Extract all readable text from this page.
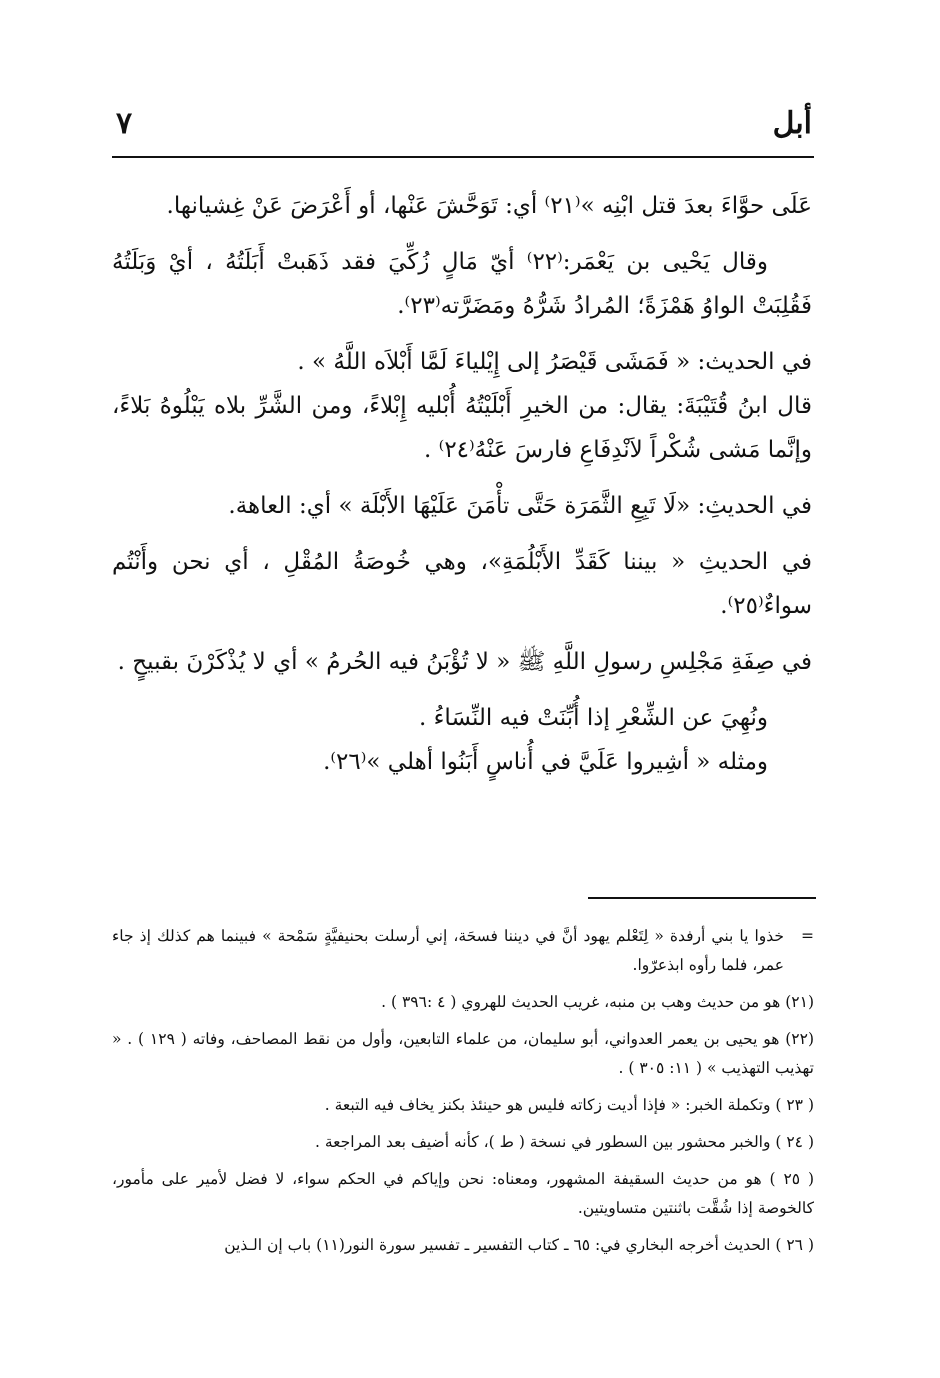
أبل
٧

عَلَى حوَّاءَ بعدَ قتل ابْنِه »⁽٢١⁾ أي: تَوَحَّشَ عَنْها، أو أَعْرَضَ عَنْ غِشيانها.

وقال يَحْيى بن يَعْمَر:⁽٢٢⁾ أيّ مَالٍ زُكِّيَ فقد ذَهَبتْ أَبَلَتُهُ ، أيْ وَبَلَتُهُ فَقُلِبَتْ الواوُ هَمْزَةً؛ المُرادُ شَرُّهُ ومَضَرَّته⁽٢٣⁾.

في الحديث: « فَمَشَى قَيْصَرُ إلى إِيْلياءَ لَمَّا أَبْلاَه اللَّهُ » .

قال ابنُ قُتَيْبَةَ: يقال: من الخيرِ أَبْلَيْتُهُ أُبْليه إِبْلاءً، ومن الشَّرِّ بلاه يَبْلُوهُ بَلاءً، وإنَّما مَشى شُكْراً لاَنْدِفَاعِ فارسَ عَنْهُ⁽٢٤⁾ .

في الحديثِ: «لَا تَبِعِ الثَّمَرَة حَتَّى تأْمَنَ عَلَيْهَا الأَبْلَة » أي: العاهة.

في الحديثِ « بيننا كَقَدِّ الأَبْلُمَةِ»، وهي خُوصَةُ المُقْلِ ، أي نحن وأَنْتُم سواءٌ⁽٢٥⁾.

في صِفَةِ مَجْلِسِ رسولِ اللَّهِ ﷺ « لا تُؤْبَنُ فيه الحُرمُ » أي لا يُذْكَرْنَ بقبيحٍ .

ونُهِيَ عن الشِّعْرِ إذا أُبِّنَتْ فيه النِّسَاءُ .

ومثله « أشِيروا عَلَيَّ في أُناسٍ أَبَنُوا أهلي »⁽٢٦⁾.

=
خذوا يا بني أرفدة « لِتَعْلم يهود أنَّ في ديننا فسحَة، إني أرسلت بحنيفيَّةٍ سَمْحة » فبينما هم كذلك إذ جاء عمر، فلما رأوه ابذعرّوا.

(٢١) هو من حديث وهب بن منبه، غريب الحديث للهروي ( ٤ :٣٩٦ ) .

(٢٢) هو يحيى بن يعمر العدواني، أبو سليمان، من علماء التابعين، وأول من نقط المصاحف، وفاته ( ١٢٩ ) . « تهذيب التهذيب » ( ١١: ٣٠٥ ) .

( ٢٣ ) وتكملة الخبر: « فإذا أديت زكاته فليس هو حينئذ بكنز يخاف فيه التبعة .

( ٢٤ ) والخبر محشور بين السطور في نسخة ( ط )، كأنه أضيف بعد المراجعة .

( ٢٥ ) هو من حديث السقيفة المشهور، ومعناه: نحن وإياكم في الحكم سواء، لا فضل لأمير على مأمور، كالخوصة إذا شُقَّت باثنتين متساويتين.

( ٢٦ ) الحديث أخرجه البخاري في: ٦٥ ـ كتاب التفسير ـ تفسير سورة النور(١١) باب إن الـذين
